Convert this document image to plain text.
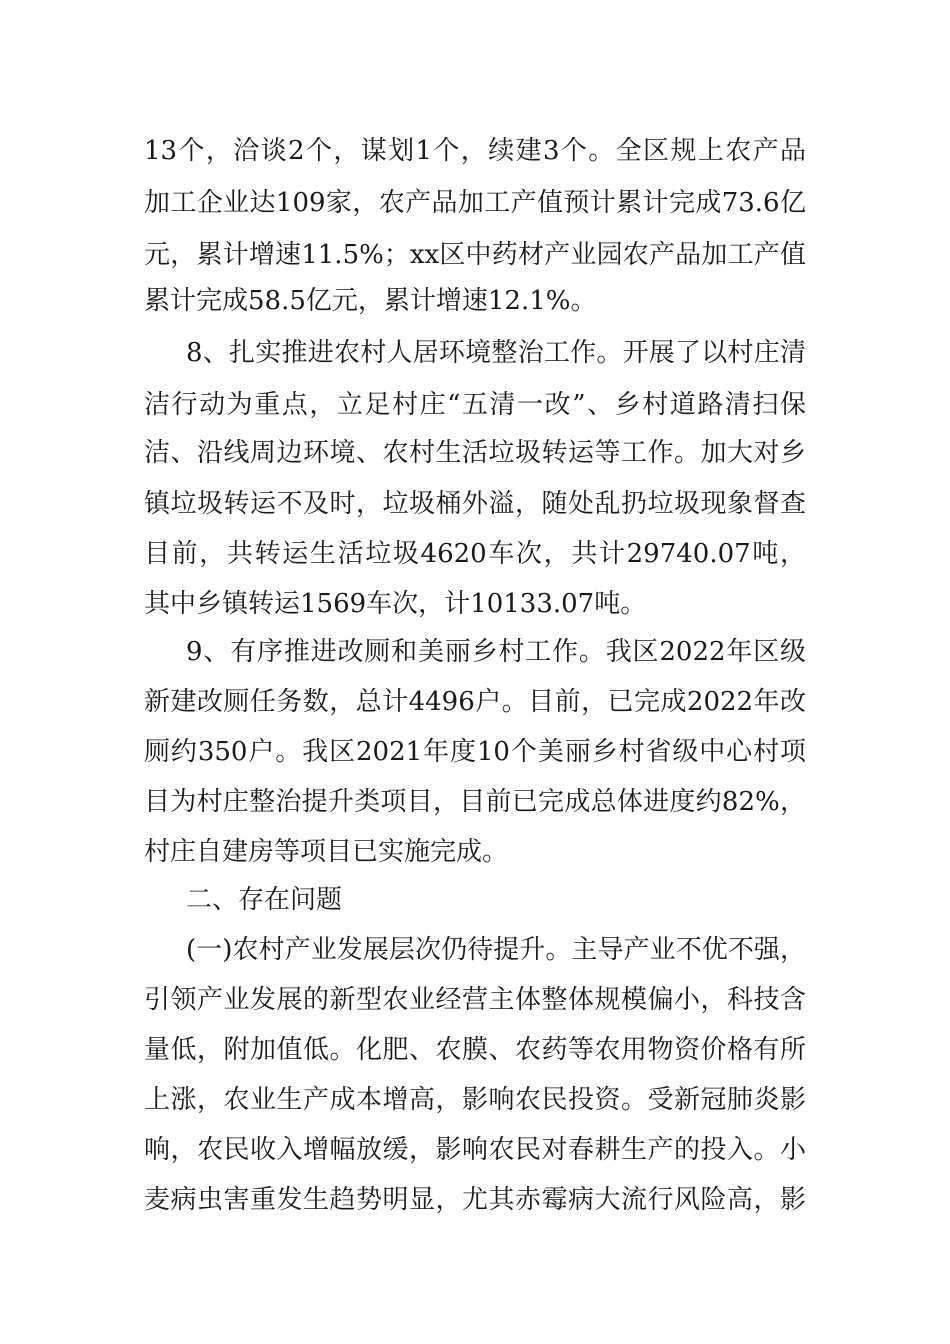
13个，洽谈2个，谋划1个，续建3个。全区规上农产品
加工企业达109家，农产品加工产值预计累计完成73.6亿
元，累计增速11.5%；xx区中药材产业园农产品加工产值
累计完成58.5亿元，累计增速12.1%。
8、扎实推进农村人居环境整治工作。开展了以村庄清
洁行动为重点，立足村庄“五清一改”、乡村道路清扫保
洁、沿线周边环境、农村生活垃圾转运等工作。加大对乡
镇垃圾转运不及时，垃圾桶外溢，随处乱扔垃圾现象督查
目前，共转运生活垃圾4620车次，共计29740.07吨，
其中乡镇转运1569车次，计10133.07吨。
9、有序推进改厕和美丽乡村工作。我区2022年区级
新建改厕任务数，总计4496户。目前，已完成2022年改
厕约350户。我区2021年度10个美丽乡村省级中心村项
目为村庄整治提升类项目，目前已完成总体进度约82%，
村庄自建房等项目已实施完成。
二、存在问题
(一)农村产业发展层次仍待提升。主导产业不优不强，
引领产业发展的新型农业经营主体整体规模偏小，科技含
量低，附加值低。化肥、农膜、农药等农用物资价格有所
上涨，农业生产成本增高，影响农民投资。受新冠肺炎影
响，农民收入增幅放缓，影响农民对春耕生产的投入。小
麦病虫害重发生趋势明显，尤其赤霉病大流行风险高，影
